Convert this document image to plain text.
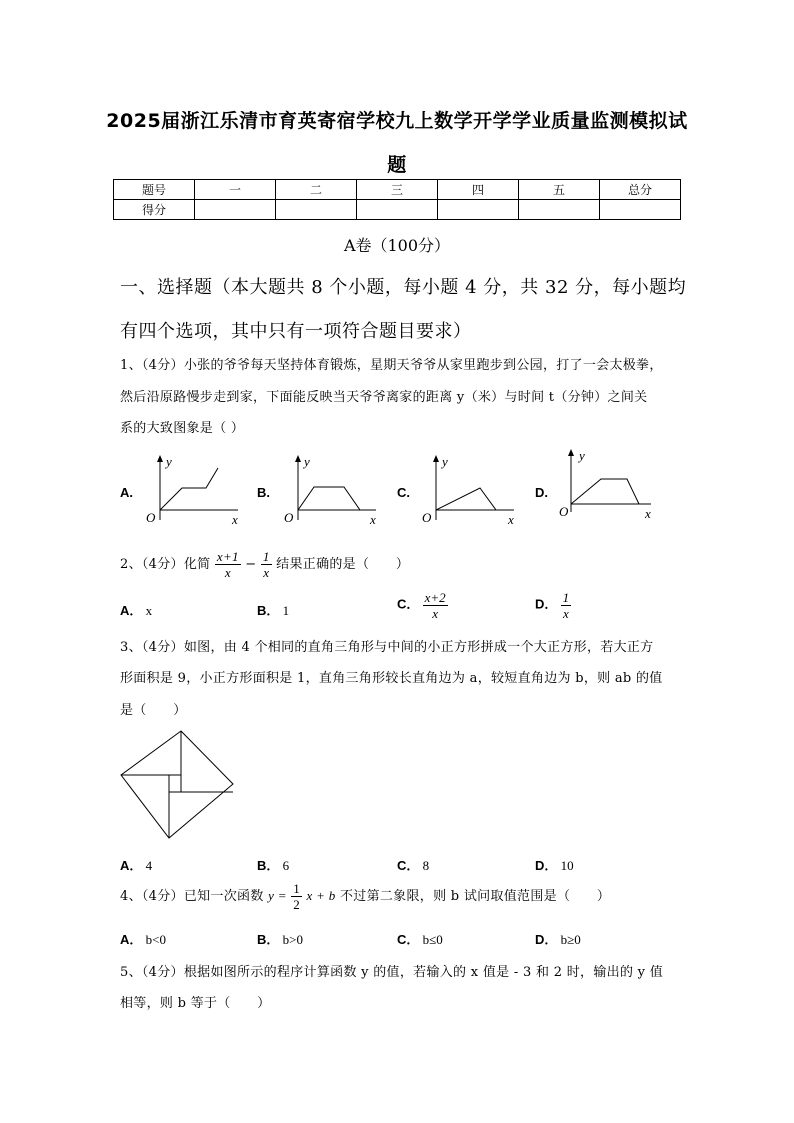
2025届浙江乐清市育英寄宿学校九上数学开学学业质量监测模拟试
题
题号	一	二	三	四	五	总分
得分						
A卷（100分）
一、选择题（本大题共 8 个小题，每小题 4 分，共 32 分，每小题均
有四个选项，其中只有一项符合题目要求）
1、（4分）小张的爷爷每天坚持体育锻炼，星期天爷爷从家里跑步到公园，打了一会太极拳，
然后沿原路慢步走到家，下面能反映当天爷爷离家的距离 y（米）与时间 t（分钟）之间关
系的大致图象是（ ）
A.
y
x
O
B.
y
x
O
C.
y
x
O
D.
y
x
O
2、（4分）化简 $\frac{x+1}{x} - \frac{1}{x}$ 结果正确的是（　　）
A． x	B． 1	C． $\frac{x+2}{x}$	D． $\frac{1}{x}$
3、（4分）如图，由 4 个相同的直角三角形与中间的小正方形拼成一个大正方形，若大正方
形面积是 9，小正方形面积是 1，直角三角形较长直角边为 a，较短直角边为 b，则 ab 的值
是（　　）
A． 4	B． 6	C． 8	D． 10
4、（4分）已知一次函数 $y = \frac{1}{2}$ x + b 不过第二象限，则 b 试问取值范围是（　　）
A． b<0	B． b>0	C． b≤0	D． b≥0
5、（4分）根据如图所示的程序计算函数 y 的值，若输入的 x 值是 - 3 和 2 时，输出的 y 值
相等，则 b 等于（　　）
